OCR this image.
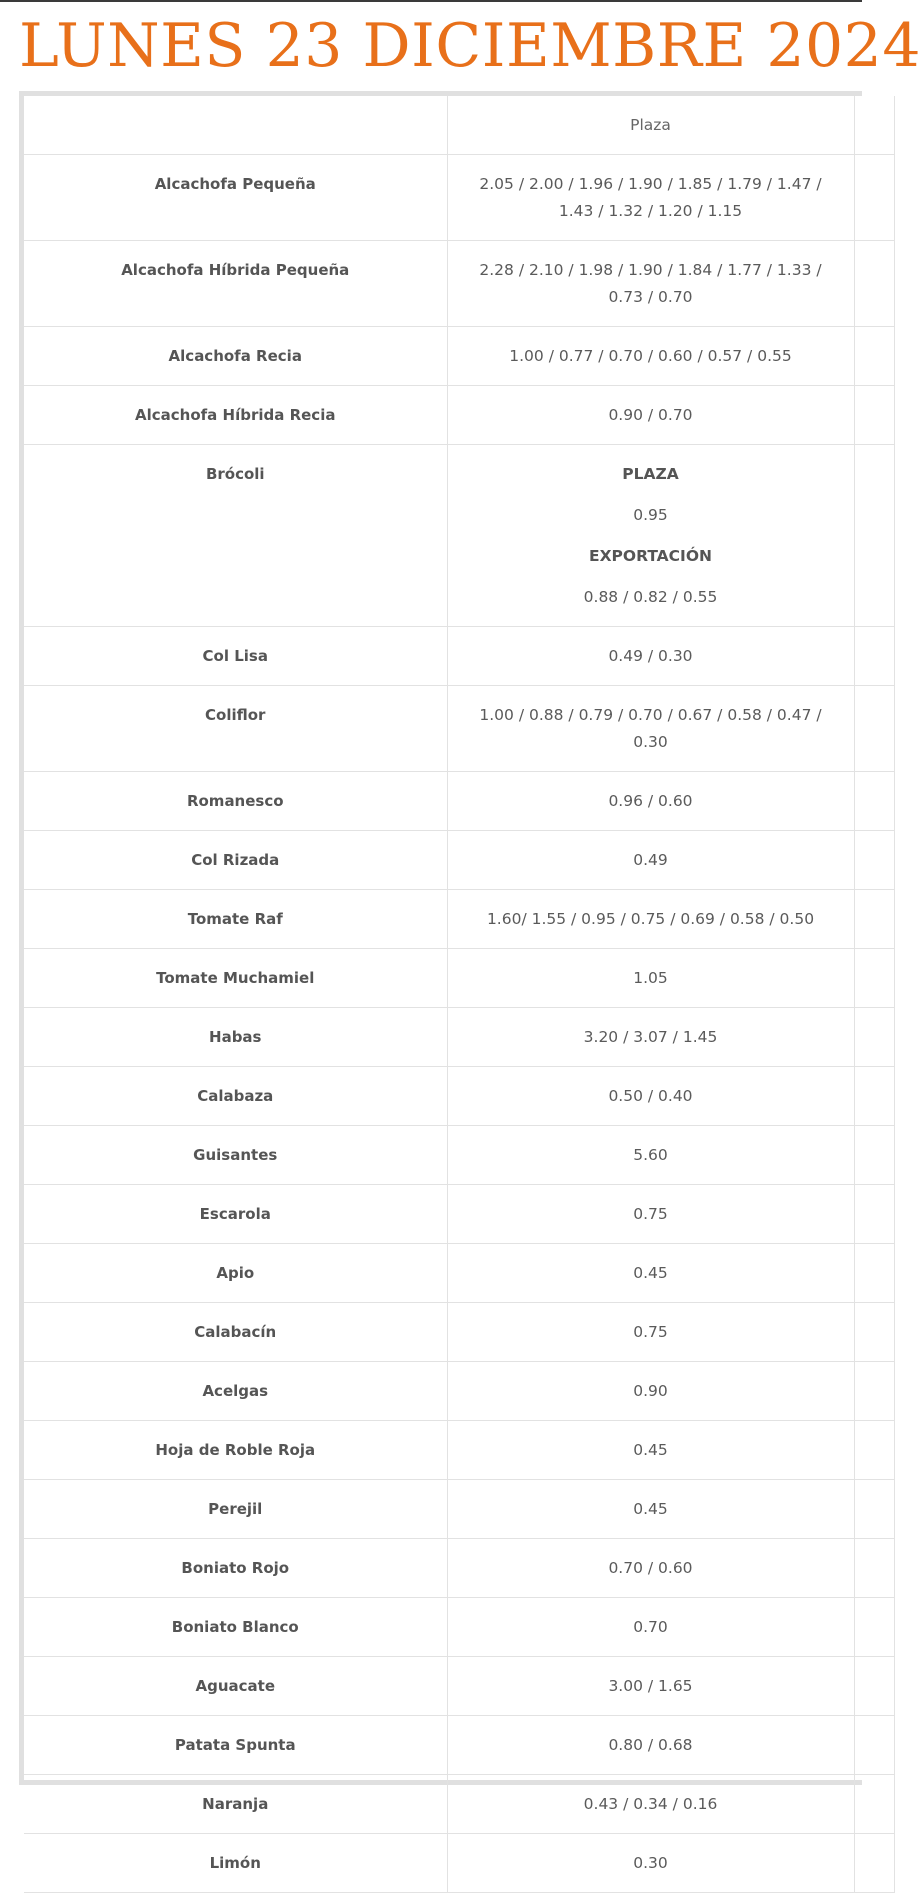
LUNES 23 DICIEMBRE 2024
	Plaza	
Alcachofa Pequeña	2.05 / 2.00 / 1.96 / 1.90 / 1.85 / 1.79 / 1.47 / 1.43 / 1.32 / 1.20 / 1.15	
Alcachofa Híbrida Pequeña	2.28 / 2.10 / 1.98 / 1.90 / 1.84 / 1.77 / 1.33 / 0.73 / 0.70	
Alcachofa Recia	1.00 / 0.77 / 0.70 / 0.60 / 0.57 / 0.55	
Alcachofa Híbrida Recia	0.90 / 0.70	
Brócoli	PLAZA
0.95
EXPORTACIÓN
0.88 / 0.82 / 0.55	

Col Lisa	0.49 / 0.30	
Coliflor	1.00 / 0.88 / 0.79 / 0.70 / 0.67 / 0.58 / 0.47 / 0.30	
Romanesco	0.96 / 0.60	
Col Rizada	0.49	
Tomate Raf	1.60/ 1.55 / 0.95 / 0.75 / 0.69 / 0.58 / 0.50	
Tomate Muchamiel	1.05	
Habas	3.20 / 3.07 / 1.45	
Calabaza	0.50 / 0.40	
Guisantes	5.60	
Escarola	0.75	
Apio	0.45	
Calabacín	0.75	
Acelgas	0.90	
Hoja de Roble Roja	0.45	
Perejil	0.45	
Boniato Rojo	0.70 / 0.60	
Boniato Blanco	0.70	
Aguacate	3.00 / 1.65	
Patata Spunta	0.80 / 0.68	
Naranja	0.43 / 0.34 / 0.16	
Limón	0.30	
